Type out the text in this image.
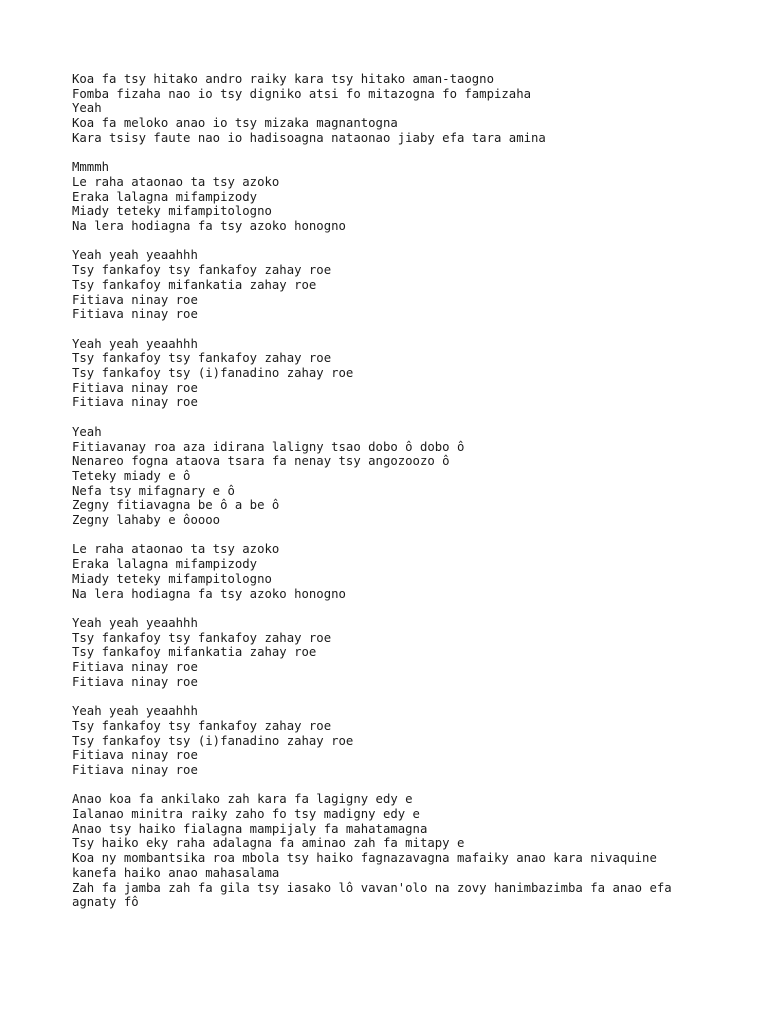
Koa fa tsy hitako andro raiky kara tsy hitako aman-taogno
Fomba fizaha nao io tsy digniko atsi fo mitazogna fo fampizaha
Yeah
Koa fa meloko anao io tsy mizaka magnantogna
Kara tsisy faute nao io hadisoagna nataonao jiaby efa tara amina
Mmmmh
Le raha ataonao ta tsy azoko
Eraka lalagna mifampizody
Miady teteky mifampitologno
Na lera hodiagna fa tsy azoko honogno
Yeah yeah yeaahhh
Tsy fankafoy tsy fankafoy zahay roe
Tsy fankafoy mifankatia zahay roe
Fitiava ninay roe
Fitiava ninay roe
Yeah yeah yeaahhh
Tsy fankafoy tsy fankafoy zahay roe
Tsy fankafoy tsy (i)fanadino zahay roe
Fitiava ninay roe
Fitiava ninay roe
Yeah
Fitiavanay roa aza idirana laligny tsao dobo ô dobo ô
Nenareo fogna ataova tsara fa nenay tsy angozoozo ô
Teteky miady e ô
Nefa tsy mifagnary e ô
Zegny fitiavagna be ô a be ô
Zegny lahaby e ôoooo
Le raha ataonao ta tsy azoko
Eraka lalagna mifampizody
Miady teteky mifampitologno
Na lera hodiagna fa tsy azoko honogno
Yeah yeah yeaahhh
Tsy fankafoy tsy fankafoy zahay roe
Tsy fankafoy mifankatia zahay roe
Fitiava ninay roe
Fitiava ninay roe
Yeah yeah yeaahhh
Tsy fankafoy tsy fankafoy zahay roe
Tsy fankafoy tsy (i)fanadino zahay roe
Fitiava ninay roe
Fitiava ninay roe
Anao koa fa ankilako zah kara fa lagigny edy e
Ialanao minitra raiky zaho fo tsy madigny edy e
Anao tsy haiko fialagna mampijaly fa mahatamagna
Tsy haiko eky raha adalagna fa aminao zah fa mitapy e
Koa ny mombantsika roa mbola tsy haiko fagnazavagna mafaiky anao kara nivaquine
kanefa haiko anao mahasalama
Zah fa jamba zah fa gila tsy iasako lô vavan'olo na zovy hanimbazimba fa anao efa
agnaty fô
